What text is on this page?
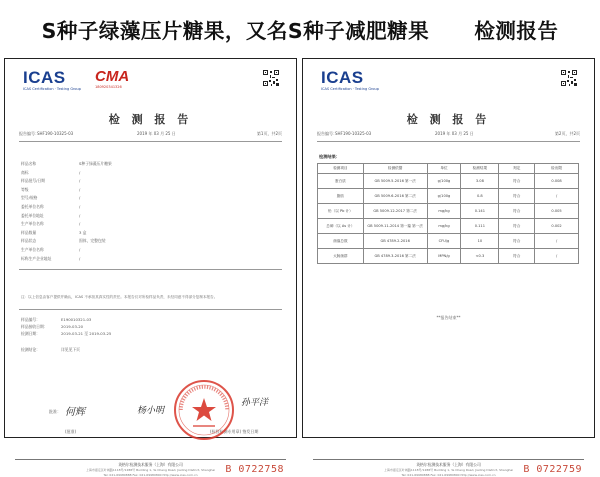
S种子绿藻压片糖果，又名S种子减肥糖果 检测报告
ICAS
ICAS Certification · Testing Group
CMA
180920341326
检 测 报 告
报告编号：
SHF190-10325-03	2019 年 03 月 25 日	第1页，共2页
样品名称	S种子绿藻压片糖果
商标	/
样品批号/日期	/
等级	/
型号/规格	/
委托单位名称	/
委托单位地址	/
生产单位名称	/
样品数量	3 盒
样品状态	固体，完整包装
生产单位名称	/
标称生产企业地址	/
注：以上信息由客户提供并确认，ICAS 不承担其真实性的责任。本报告仅对所检样品负责，未经同意不得部分复制本报告。
样品编号：	E190010321-03
样品接收日期：	2019-03-20
检测日期：	2019-03-21 至 2019-03-25
检测结论：	详见见下页
批准： 何辉	杨小明
孙平洋
(批准)	(检验检测专用章) 签发日期
英格尔检测技术服务（上海）有限公司
上海市嘉定区叶城路1118号/1288号 Building 1, Ye Cheng Road, Jiading District, Shanghai
Tel: 021-69980888 Fax: 021-69980800 http://www.icas.com.cn	B 0722758
ICAS
ICAS Certification · Testing Group
检 测 报 告
报告编号：
SHF190-10325-03	2019 年 03 月 25 日	第2页，共2页
检测结果：
检测项目	检测依据	单位	检测结果	判定	检出限
蛋白质	GB 5009.5-2016 第一法	g/100g	3.08	符合	0.008
脂肪	GB 5009.6-2016 第二法	g/100g	0.8	符合	/
铅（以 Pb 计）	GB 5009.12-2017 第二法	mg/kg	0.141	符合	0.005
总砷（以 As 计）	GB 5009.11-2014 第一篇 第一法	mg/kg	0.111	符合	0.002
菌落总数	GB 4789.2-2016	CFU/g	10	符合	/
大肠菌群	GB 4789.3-2016 第二法	MPN/g	<0.3	符合	/
**报告结束**
英格尔检测技术服务（上海）有限公司
上海市嘉定区叶城路1118号/1288号 Building 1, Ye Cheng Road, Jiading District, Shanghai
Tel: 021-69980888 Fax: 021-69980800 http://www.icas.com.cn	B 0722759
